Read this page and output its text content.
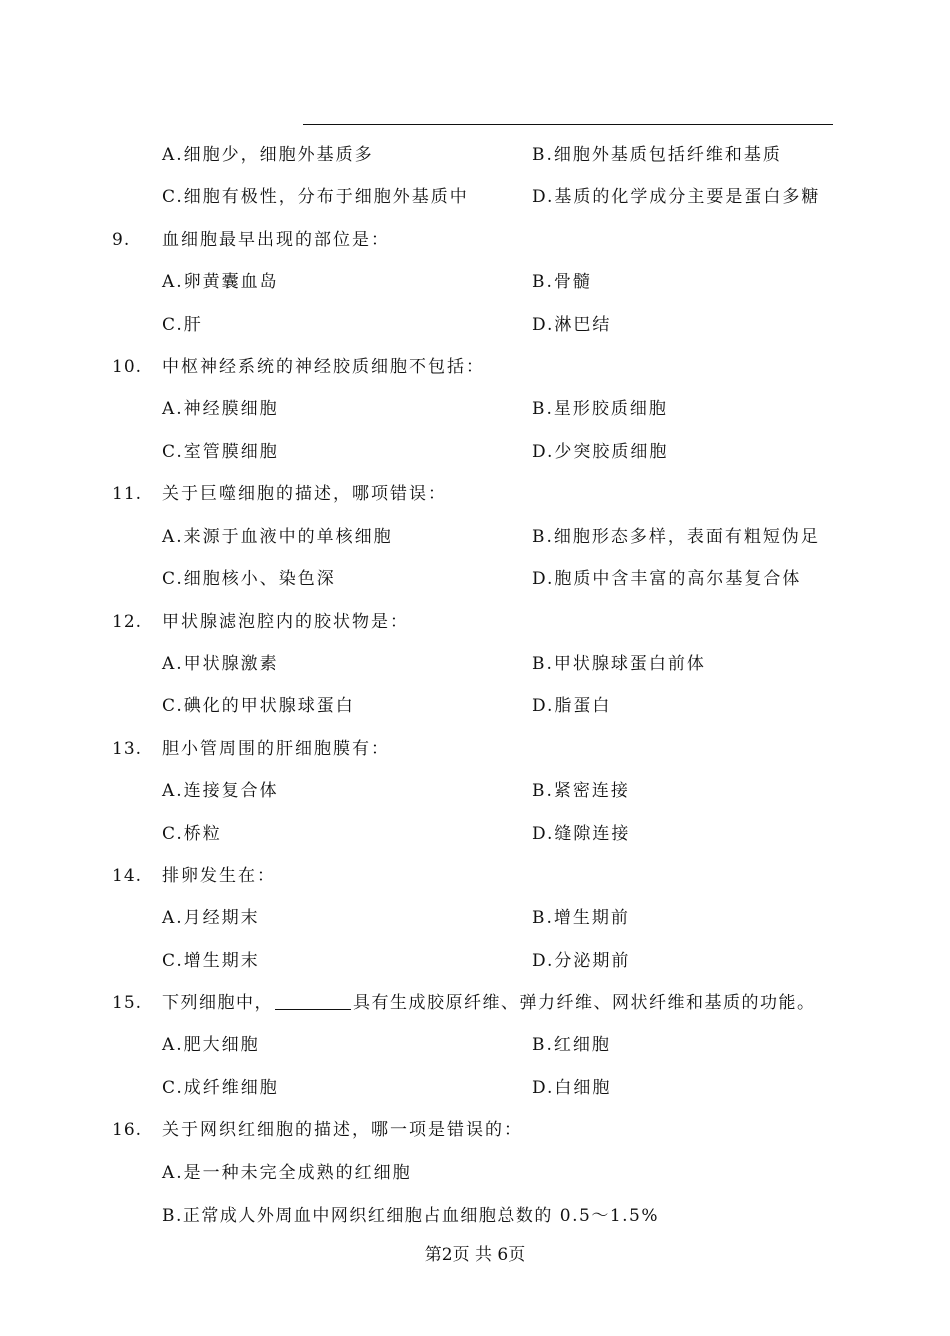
A.细胞少，细胞外基质多	B.细胞外基质包括纤维和基质
C.细胞有极性，分布于细胞外基质中	D.基质的化学成分主要是蛋白多糖
9. 血细胞最早出现的部位是：
A.卵黄囊血岛	B.骨髓
C.肝	D.淋巴结
10. 中枢神经系统的神经胶质细胞不包括：
A.神经膜细胞	B.星形胶质细胞
C.室管膜细胞	D.少突胶质细胞
11. 关于巨噬细胞的描述，哪项错误：
A.来源于血液中的单核细胞	B.细胞形态多样，表面有粗短伪足
C.细胞核小、染色深	D.胞质中含丰富的高尔基复合体
12. 甲状腺滤泡腔内的胶状物是：
A.甲状腺激素	B.甲状腺球蛋白前体
C.碘化的甲状腺球蛋白	D.脂蛋白
13. 胆小管周围的肝细胞膜有：
A.连接复合体	B.紧密连接
C.桥粒	D.缝隙连接
14. 排卵发生在：
A.月经期末	B.增生期前
C.增生期末	D.分泌期前
15. 下列细胞中，	具有生成胶原纤维、弹力纤维、网状纤维和基质的功能。
A.肥大细胞	B.红细胞
C.成纤维细胞	D.白细胞
16. 关于网织红细胞的描述，哪一项是错误的：
A.是一种未完全成熟的红细胞
B.正常成人外周血中网织红细胞占血细胞总数的 0.5～1.5%
第2页 共 6页
